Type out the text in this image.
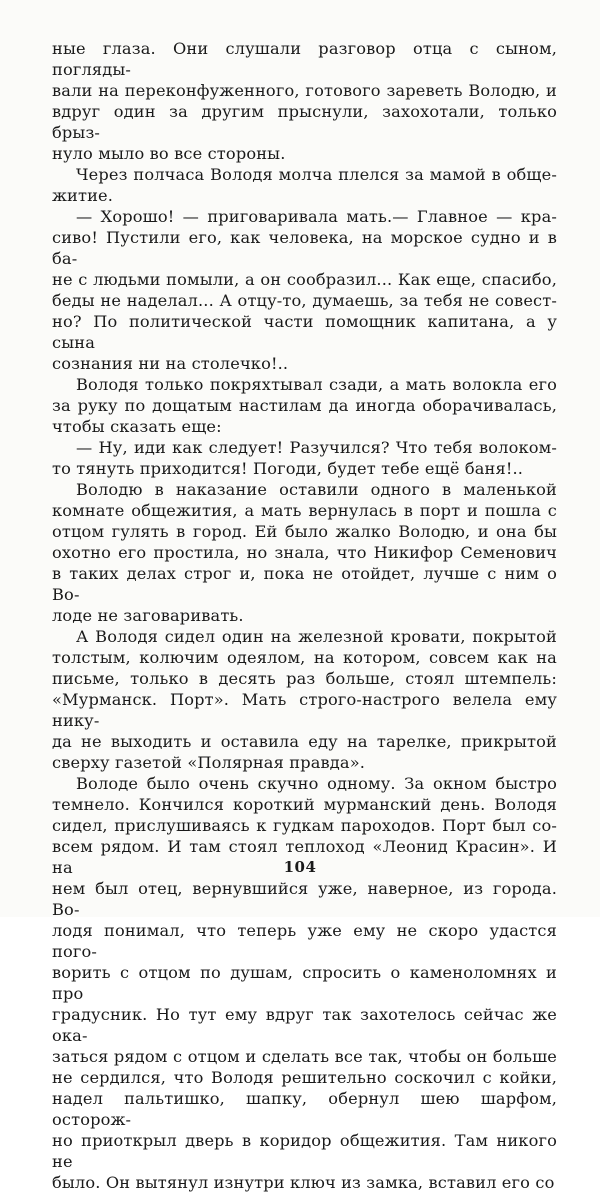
ные глаза. Они слушали разговор отца с сыном, погляды-
вали на переконфуженного, готового зареветь Володю, и
вдруг один за другим прыснули, захохотали, только брыз-
нуло мыло во все стороны.

Через полчаса Володя молча плелся за мамой в обще-
житие.

— Хорошо! — приговаривала мать.— Главное — кра-
сиво! Пустили его, как человека, на морское судно и в ба-
не с людьми помыли, а он сообразил... Как еще, спасибо,
беды не наделал... А отцу-то, думаешь, за тебя не совест-
но? По политической части помощник капитана, а у сына
сознания ни на столечко!..

Володя только покряхтывал сзади, а мать волокла его
за руку по дощатым настилам да иногда оборачивалась,
чтобы сказать еще:

— Ну, иди как следует! Разучился? Что тебя волоком-
то тянуть приходится! Погоди, будет тебе ещё баня!..

Володю в наказание оставили одного в маленькой
комнате общежития, а мать вернулась в порт и пошла с
отцом гулять в город. Ей было жалко Володю, и она бы
охотно его простила, но знала, что Никифор Семенович
в таких делах строг и, пока не отойдет, лучше с ним о Во-
лоде не заговаривать.

А Володя сидел один на железной кровати, покрытой
толстым, колючим одеялом, на котором, совсем как на
письме, только в десять раз больше, стоял штемпель:
«Мурманск. Порт». Мать строго-настрого велела ему нику-
да не выходить и оставила еду на тарелке, прикрытой
сверху газетой «Полярная правда».

Володе было очень скучно одному. За окном быстро
темнело. Кончился короткий мурманский день. Володя
сидел, прислушиваясь к гудкам пароходов. Порт был со-
всем рядом. И там стоял теплоход «Леонид Красин». И на
нем был отец, вернувшийся уже, наверное, из города. Во-
лодя понимал, что теперь уже ему не скоро удастся пого-
ворить с отцом по душам, спросить о каменоломнях и про
градусник. Но тут ему вдруг так захотелось сейчас же ока-
заться рядом с отцом и сделать все так, чтобы он больше
не сердился, что Володя решительно соскочил с койки,
надел пальтишко, шапку, обернул шею шарфом, осторож-
но приоткрыл дверь в коридор общежития. Там никого не
было. Он вытянул изнутри ключ из замка, вставил его со

104
